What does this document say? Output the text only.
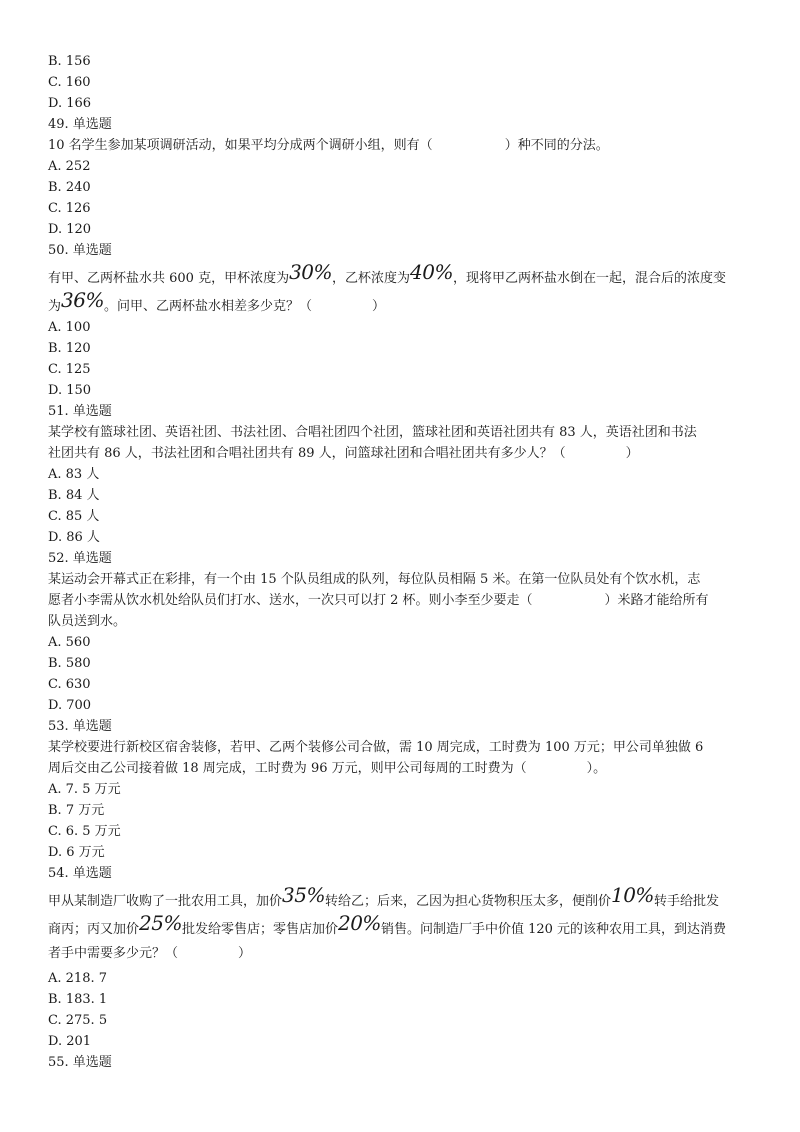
B. 156
C. 160
D. 166
49. 单选题
10 名学生参加某项调研活动，如果平均分成两个调研小组，则有（	）种不同的分法。
A. 252
B. 240
C. 126
D. 120
50. 单选题
有甲、乙两杯盐水共 600 克，甲杯浓度为30%，乙杯浓度为40%，现将甲乙两杯盐水倒在一起，混合后的浓度变
为36%。问甲、乙两杯盐水相差多少克？（	）
A. 100
B. 120
C. 125
D. 150
51. 单选题
某学校有篮球社团、英语社团、书法社团、合唱社团四个社团，篮球社团和英语社团共有 83 人，英语社团和书法
社团共有 86 人，书法社团和合唱社团共有 89 人，问篮球社团和合唱社团共有多少人？（	）
A. 83 人
B. 84 人
C. 85 人
D. 86 人
52. 单选题
某运动会开幕式正在彩排，有一个由 15 个队员组成的队列，每位队员相隔 5 米。在第一位队员处有个饮水机，志
愿者小李需从饮水机处给队员们打水、送水，一次只可以打 2 杯。则小李至少要走（	）米路才能给所有
队员送到水。
A. 560
B. 580
C. 630
D. 700
53. 单选题
某学校要进行新校区宿舍装修，若甲、乙两个装修公司合做，需 10 周完成，工时费为 100 万元；甲公司单独做 6
周后交由乙公司接着做 18 周完成，工时费为 96 万元，则甲公司每周的工时费为（	）。
A. 7. 5 万元
B. 7 万元
C. 6. 5 万元
D. 6 万元
54. 单选题
甲从某制造厂收购了一批农用工具，加价35%转给乙；后来，乙因为担心货物积压太多，便削价10%转手给批发
商丙；丙又加价25%批发给零售店；零售店加价20%销售。问制造厂手中价值 120 元的该种农用工具，到达消费
者手中需要多少元？（	）
A. 218. 7
B. 183. 1
C. 275. 5
D. 201
55. 单选题
